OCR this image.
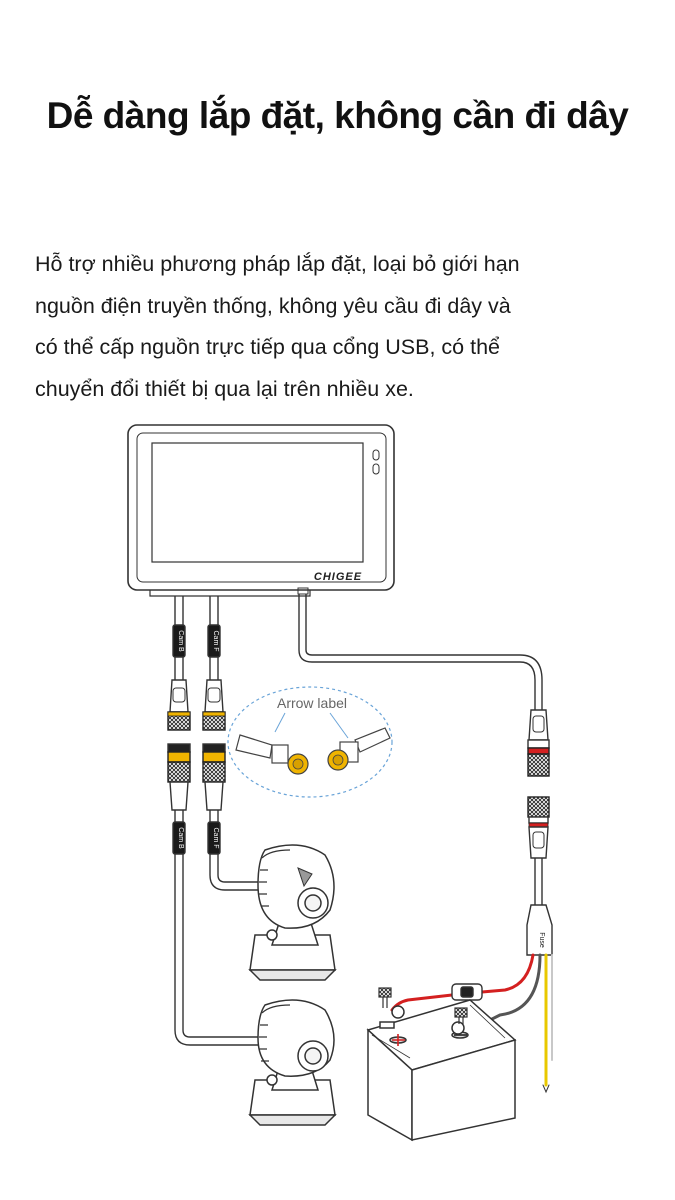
Dễ dàng lắp đặt, không cần đi dây
Hỗ trợ nhiều phương pháp lắp đặt, loại bỏ giới hạn
nguồn điện truyền thống, không yêu cầu đi dây và
có thể cấp nguồn trực tiếp qua cổng USB, có thể
chuyển đổi thiết bị qua lại trên nhiều xe.
CHIGEE
Cam B	Cam F
Cam B	Cam F
Arrow label
Fuse
